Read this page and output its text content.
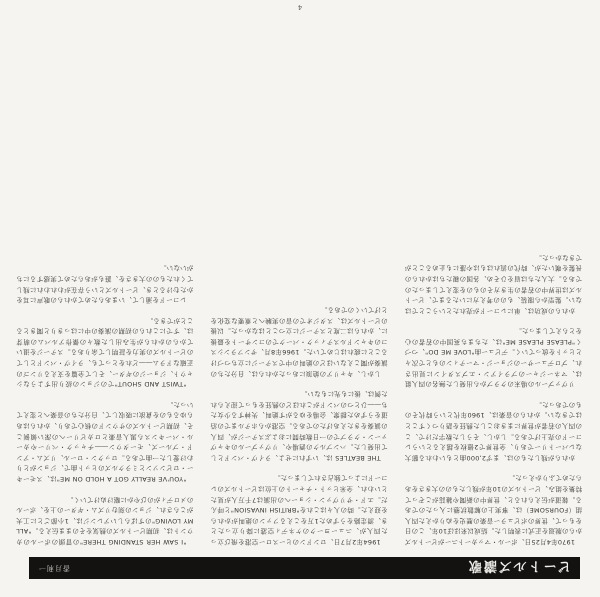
ビートルズ讃歌
香月利一

1970年4月25日、ポール・マッカートニーがビートルズからの脱退を正式に表明した。結成以来ほぼ10年、この日をもって、世界のポピュラー音楽の歴史をぬりかえた四人組（FOURSOME）は、事実上の解散状態に入ったのである。報道が伝えられると、世界中の新聞や雑誌がこぞって特集を組み、ビートルズの10年が残したものの大きさをあらためてふりかえった。

かれらが残したものは、まず2,000曲ともいわれる膨大なレパートリーであり、全世界で2億枚を越えるというレコードの売上げである。しかし、そうした数字だけで、この四人の若者が世界にまきおこした熱狂を語りつくすことはできない。かれらの音楽は、1960年代という時代そのものであった。

リヴァプールの場末のクラブから出発した無名の四人組は、マネージャーのブライアン・エプスタインに見出され、プロデューサーのジョージ・マーティンのもとで次々とヒットを放っていく。デビュー曲"LOVE ME DO"、つづく"PLEASE PLEASE ME"は、たちまち英国中の若者の心をとらえてしまった。

かれらの成功は、単にレコードが売れたということではない。髪型から服装、ものの考え方にいたるまで、ビートルズは世界中の若者の生き方そのものを変えてしまったのである。大人たちは眉をひそめ、各国の親たちはかれらの長髪を嘆いたが、時代の流れはもはや誰にも止めることができなかった。

1964年2月7日、ロンドンのヒースロー空港を飛び立った四人が、ニューヨークのケネディ空港に降り立ったとき、滑走路をうずめた1万をこえるファンの絶叫がかれらを迎えた。時の人々はこれを"BRITISH INVASION"と呼んだ。エド・サリヴァン・ショーへの出演は7千万人が見たといわれ、全米ヒット・チャートの上位はビートルズのレコードによって独占されてしまった。

THE BEATLES は、いずれにせよ、ライヴ・バンドとして出発した。ハンブルクの酒場や、リヴァプールのキャヴァーン・クラブでの一日数時間におよぶステージが、四人の演奏をきたえあげたのである。空港からホテルまでの沿道をうずめた群衆、会場をゆるがす絶叫、失神する少女たち――ひとつのバンドがこれほどの熱狂をもって迎えられた例は、後にも先にもない。

しかし、キャリアの絶頂にあったかれらは、自分たちの演奏が聞こえないほどの絶叫の中でステージに立ちつづけることに疲れはじめていた。1966年8月、サンフランシスコのキャンドルスティック・パークでのコンサートを最後に、かれらは二度とステージに立つことはなかった。以後のビートルズは、スタジオでの音の実験へと重要な変化をとげていくのである。

"I SAW HER STANDING THERE"の冒頭のポールのカウントは、初期ビートルズの熱気をそのまま伝える。"ALL MY LOVING"のすばらしいアレンジは、1小節ごとに工夫がこらされ、ジョンの刻むリズム・ギターの上を、ポールのメロディがのびやかに駆けぬけていく。

"YOU'VE REALLY GOT A HOLD ON ME"は、スモーキー・ロビンソンとミラクルズのヒット曲で、ジョンがとりわけ愛した一曲である。ロックン・ロール、リズム・アンド・ブルーズ、モータウン――チャック・ベリーやカール・パーキンスら黒人音楽とロカビリーへの深い傾倒こそ、初期ビートルズのサウンドの核心であり、かれらはあらゆるものを貪欲に吸収して、自分たちの音楽へと変えていった。

"TWIST AND SHOUT"でのジョンの絞り出すようなシャウト、ジョージのギター、そして全篇を支えるリンゴの正確なドラム――どれをとっても、ライヴ・バンドとしてのビートルズの実力を証明して余りある。ステージを退いてからのかれらが生み出した数々の傑作アルバムの萌芽は、すでにこれらの初期の演奏の中にはっきりと聞きとることができる。

レコードを通して、いまあらためてかれらの歌声に耳をかたむけるとき、ビートルズという存在がわれわれに残してくれたものの大きさを、誰もがあらためて実感するにちがいない。

4
